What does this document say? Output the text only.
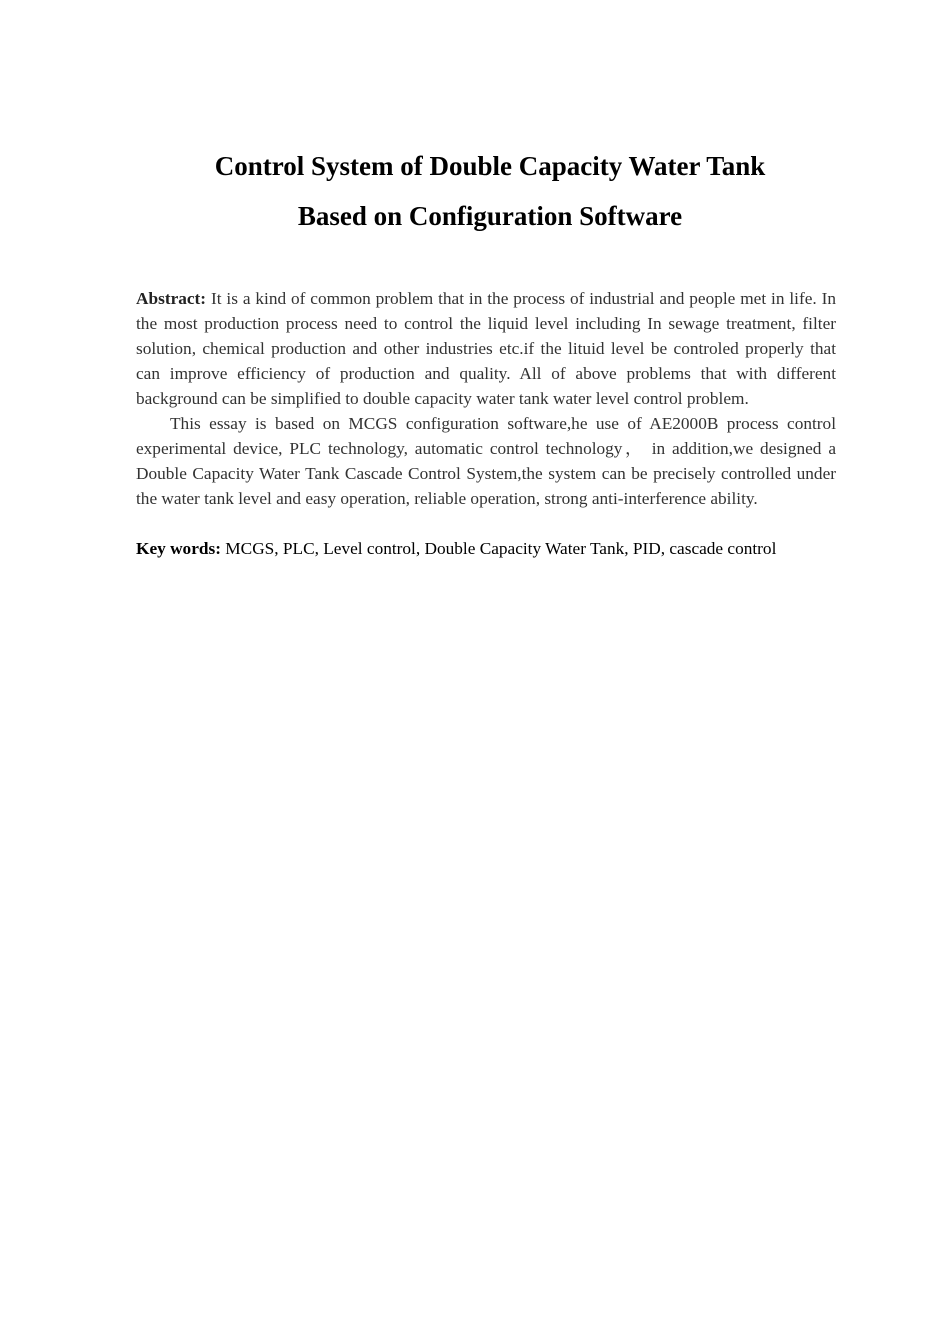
Control System of Double Capacity Water Tank
Based on Configuration Software

Abstract: It is a kind of common problem that in the process of industrial and people met in life. In the most production process need to control the liquid level including In sewage treatment, filter solution, chemical production and other industries etc.if the lituid level be controled properly that can improve efficiency of production and quality. All of above problems that with different background can be simplified to double capacity water tank water level control problem.

This essay is based on MCGS configuration software,he use of AE2000B process control experimental device, PLC technology, automatic control technology， in addition,we designed a Double Capacity Water Tank Cascade Control System,the system can be precisely controlled under the water tank level and easy operation, reliable operation, strong anti-interference ability.

Key words: MCGS, PLC, Level control, Double Capacity Water Tank, PID, cascade control
